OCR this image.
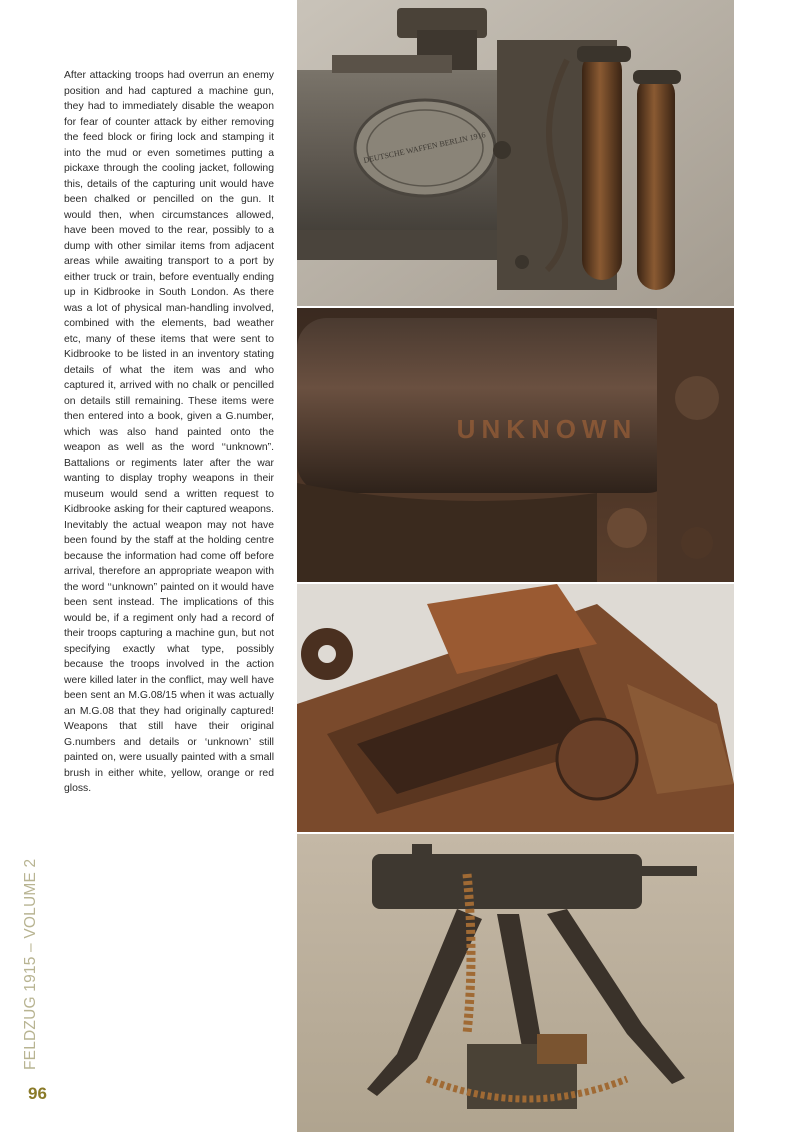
After attacking troops had overrun an enemy position and had captured a machine gun, they had to immediately disable the weapon for fear of counter attack by either removing the feed block or firing lock and stamping it into the mud or even sometimes putting a pickaxe through the cooling jacket, following this, details of the capturing unit would have been chalked or pencilled on the gun. It would then, when circumstances allowed, have been moved to the rear, possibly to a dump with other similar items from adjacent areas while awaiting transport to a port by either truck or train, before eventually ending up in Kidbrooke in South London. As there was a lot of physical man-handling involved, combined with the elements, bad weather etc, many of these items that were sent to Kidbrooke to be listed in an inventory stating details of what the item was and who captured it, arrived with no chalk or pencilled on details still remaining. These items were then entered into a book, given a G.number, which was also hand painted onto the weapon as well as the word ‘‘unknown”. Battalions or regiments later after the war wanting to display trophy weapons in their museum would send a written request to Kidbrooke asking for their captured weapons. Inevitably the actual weapon may not have been found by the staff at the holding centre because the information had come off before arrival, therefore an appropriate weapon with the word ‘‘unknown” painted on it would have been sent instead. The implications of this would be, if a regiment only had a record of their troops capturing a machine gun, but not specifying exactly what type, possibly because the troops involved in the action were killed later in the conflict, may well have been sent an M.G.08/15 when it was actually an M.G.08 that they had originally captured! Weapons that still have their original G.numbers and details or ‘unknown’ still painted on, were usually painted with a small brush in either white, yellow, orange or red gloss.

FELDZUG 1915 – VOLUME 2
96
DEUTSCHE WAFFEN BERLIN 1916
UNKNOWN
